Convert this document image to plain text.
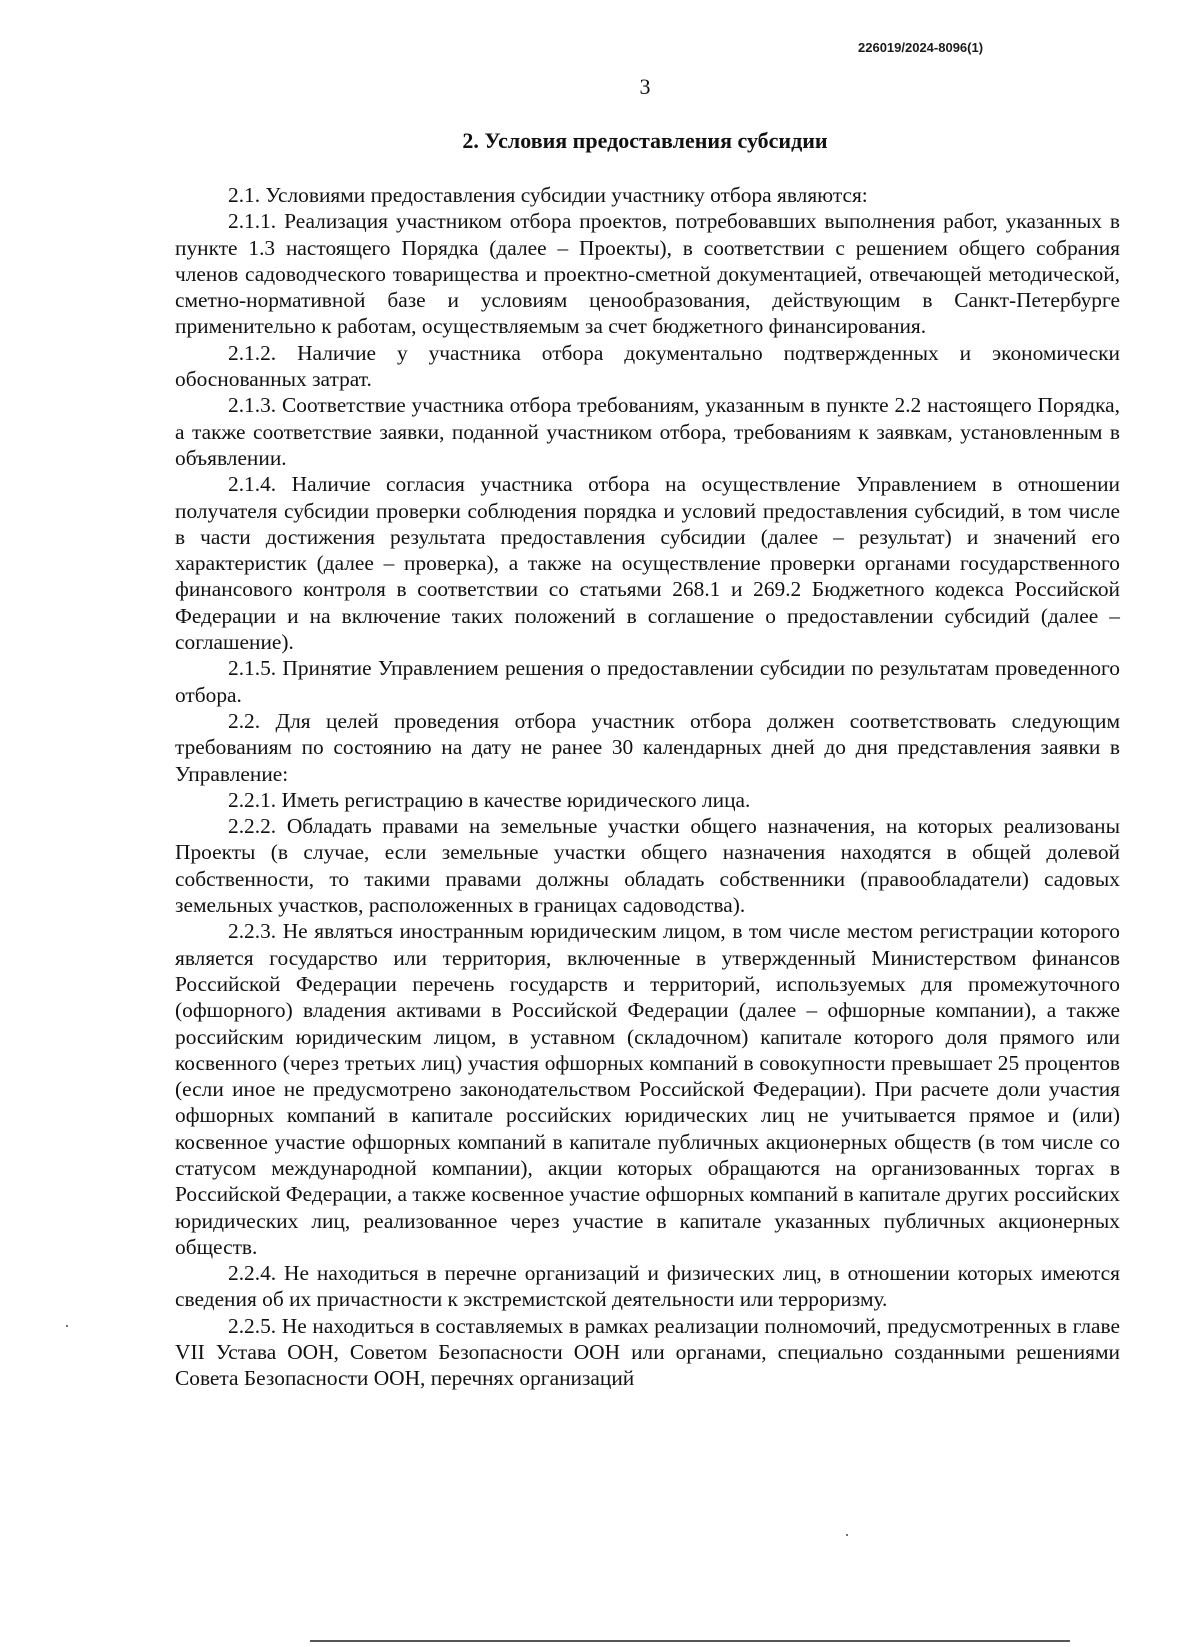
226019/2024-8096(1)
3
2. Условия предоставления субсидии

2.1. Условиями предоставления субсидии участнику отбора являются:

2.1.1. Реализация участником отбора проектов, потребовавших выполнения работ, указанных в пункте 1.3 настоящего Порядка (далее – Проекты), в соответствии с решением общего собрания членов садоводческого товарищества и проектно-сметной документацией, отвечающей методической, сметно-нормативной базе и условиям ценообразования, действующим в Санкт-Петербурге применительно к работам, осуществляемым за счет бюджетного финансирования.

2.1.2. Наличие у участника отбора документально подтвержденных и экономически обоснованных затрат.

2.1.3. Соответствие участника отбора требованиям, указанным в пункте 2.2 настоящего Порядка, а также соответствие заявки, поданной участником отбора, требованиям к заявкам, установленным в объявлении.

2.1.4. Наличие согласия участника отбора на осуществление Управлением в отношении получателя субсидии проверки соблюдения порядка и условий предоставления субсидий, в том числе в части достижения результата предоставления субсидии (далее – результат) и значений его характеристик (далее – проверка), а также на осуществление проверки органами государственного финансового контроля в соответствии со статьями 268.1 и 269.2 Бюджетного кодекса Российской Федерации и на включение таких положений в соглашение о предоставлении субсидий (далее – соглашение).

2.1.5. Принятие Управлением решения о предоставлении субсидии по результатам проведенного отбора.

2.2. Для целей проведения отбора участник отбора должен соответствовать следующим требованиям по состоянию на дату не ранее 30 календарных дней до дня представления заявки в Управление:

2.2.1. Иметь регистрацию в качестве юридического лица.

2.2.2. Обладать правами на земельные участки общего назначения, на которых реализованы Проекты (в случае, если земельные участки общего назначения находятся в общей долевой собственности, то такими правами должны обладать собственники (правообладатели) садовых земельных участков, расположенных в границах садоводства).

2.2.3. Не являться иностранным юридическим лицом, в том числе местом регистрации которого является государство или территория, включенные в утвержденный Министерством финансов Российской Федерации перечень государств и территорий, используемых для промежуточного (офшорного) владения активами в Российской Федерации (далее – офшорные компании), а также российским юридическим лицом, в уставном (складочном) капитале которого доля прямого или косвенного (через третьих лиц) участия офшорных компаний в совокупности превышает 25 процентов (если иное не предусмотрено законодательством Российской Федерации). При расчете доли участия офшорных компаний в капитале российских юридических лиц не учитывается прямое и (или) косвенное участие офшорных компаний в капитале публичных акционерных обществ (в том числе со статусом международной компании), акции которых обращаются на организованных торгах в Российской Федерации, а также косвенное участие офшорных компаний в капитале других российских юридических лиц, реализованное через участие в капитале указанных публичных акционерных обществ.

2.2.4. Не находиться в перечне организаций и физических лиц, в отношении которых имеются сведения об их причастности к экстремистской деятельности или терроризму.

2.2.5. Не находиться в составляемых в рамках реализации полномочий, предусмотренных в главе VII Устава ООН, Советом Безопасности ООН или органами, специально созданными решениями Совета Безопасности ООН, перечнях организаций
